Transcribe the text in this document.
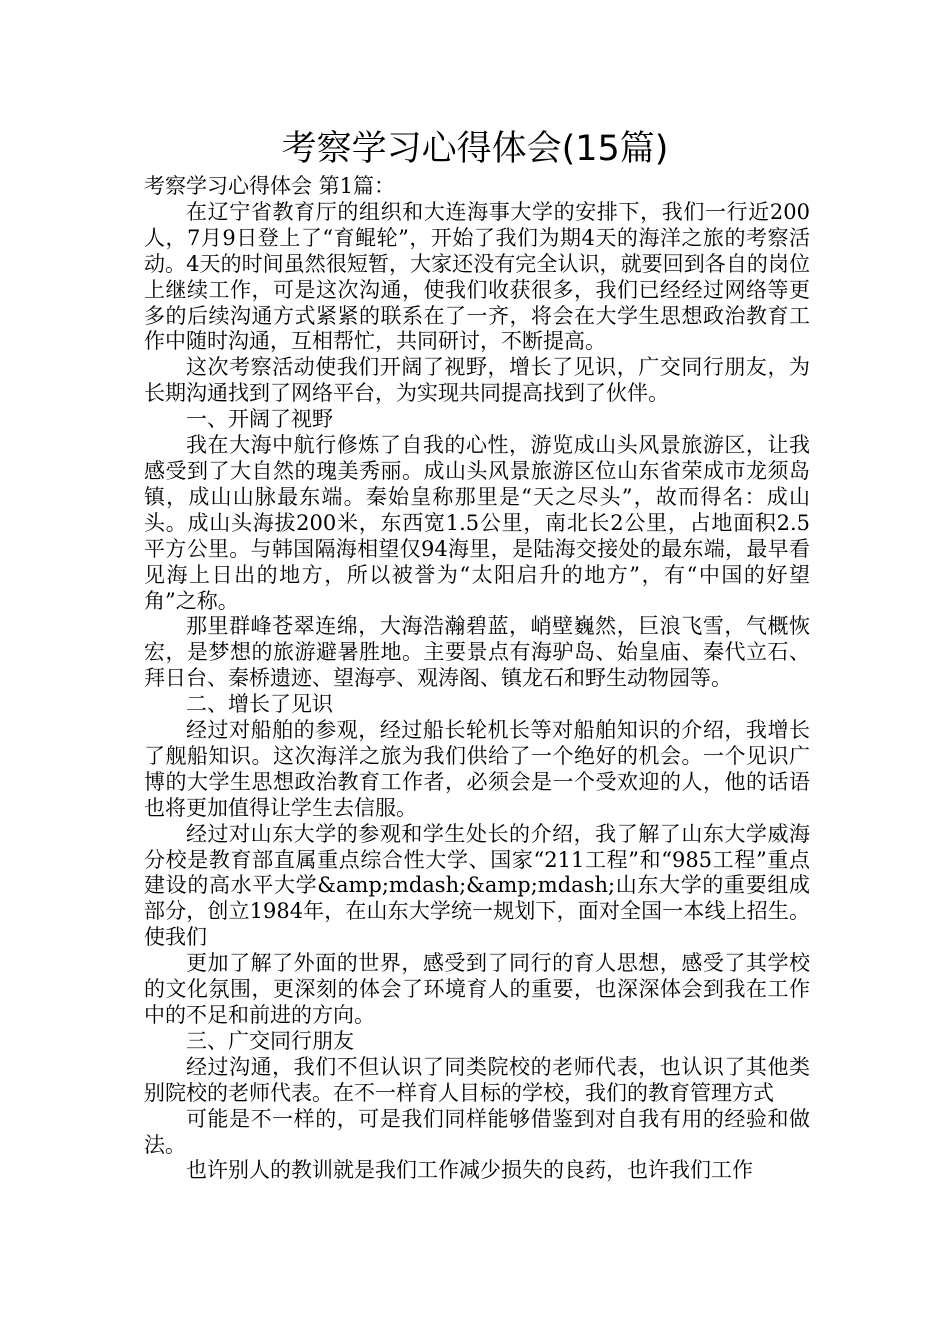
考察学习心得体会(15篇)

考察学习心得体会 第1篇：

在辽宁省教育厅的组织和大连海事大学的安排下，我们一行近200人，7月9日登上了“育鲲轮”，开始了我们为期4天的海洋之旅的考察活动。4天的时间虽然很短暂，大家还没有完全认识，就要回到各自的岗位上继续工作，可是这次沟通，使我们收获很多，我们已经经过网络等更多的后续沟通方式紧紧的联系在了一齐，将会在大学生思想政治教育工作中随时沟通，互相帮忙，共同研讨，不断提高。

这次考察活动使我们开阔了视野，增长了见识，广交同行朋友，为长期沟通找到了网络平台，为实现共同提高找到了伙伴。

一、开阔了视野

我在大海中航行修炼了自我的心性，游览成山头风景旅游区，让我感受到了大自然的瑰美秀丽。成山头风景旅游区位山东省荣成市龙须岛镇，成山山脉最东端。秦始皇称那里是“天之尽头”，故而得名：成山头。成山头海拔200米，东西宽1.5公里，南北长2公里，占地面积2.5平方公里。与韩国隔海相望仅94海里，是陆海交接处的最东端，最早看见海上日出的地方，所以被誉为“太阳启升的地方”，有“中国的好望角”之称。

那里群峰苍翠连绵，大海浩瀚碧蓝，峭壁巍然，巨浪飞雪，气概恢宏，是梦想的旅游避暑胜地。主要景点有海驴岛、始皇庙、秦代立石、拜日台、秦桥遗迹、望海亭、观涛阁、镇龙石和野生动物园等。

二、增长了见识

经过对船舶的参观，经过船长轮机长等对船舶知识的介绍，我增长了舰船知识。这次海洋之旅为我们供给了一个绝好的机会。一个见识广博的大学生思想政治教育工作者，必须会是一个受欢迎的人，他的话语也将更加值得让学生去信服。

经过对山东大学的参观和学生处长的介绍，我了解了山东大学威海分校是教育部直属重点综合性大学、国家“211工程”和“985工程”重点建设的高水平大学&amp;mdash;&amp;mdash;山东大学的重要组成部分，创立1984年，在山东大学统一规划下，面对全国一本线上招生。使我们

更加了解了外面的世界，感受到了同行的育人思想，感受了其学校的文化氛围，更深刻的体会了环境育人的重要，也深深体会到我在工作中的不足和前进的方向。

三、广交同行朋友

经过沟通，我们不但认识了同类院校的老师代表，也认识了其他类别院校的老师代表。在不一样育人目标的学校，我们的教育管理方式

可能是不一样的，可是我们同样能够借鉴到对自我有用的经验和做法。

也许别人的教训就是我们工作减少损失的良药，也许我们工作
